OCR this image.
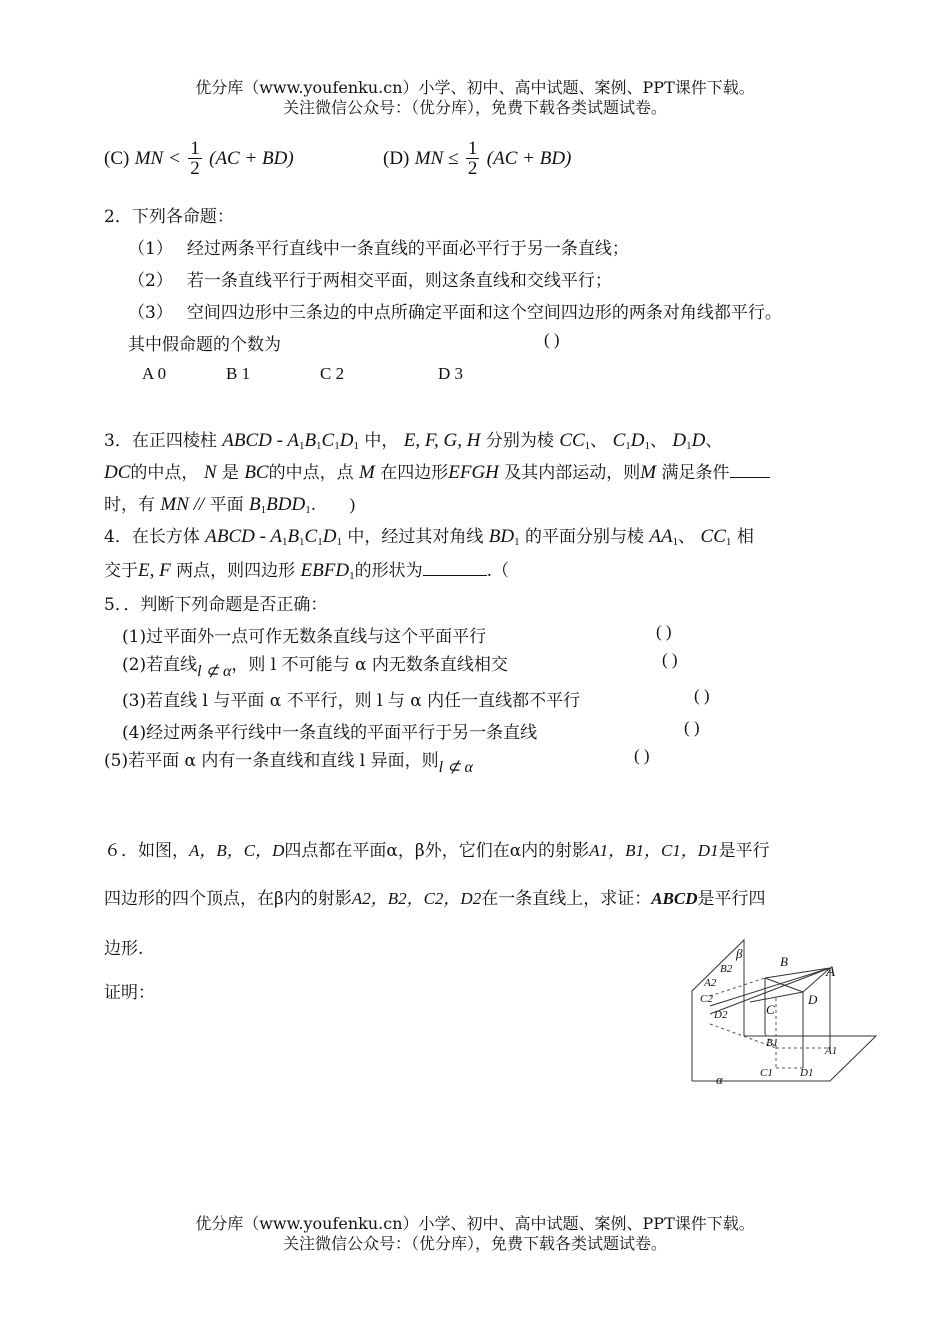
优分库（www.youfenku.cn）小学、初中、高中试题、案例、PPT课件下载。
关注微信公众号：（优分库），免费下载各类试题试卷。
(C) MN < $\frac{1}{2} (AC + BD)$	(D) MN ≤ $\frac{1}{2} (AC + BD)$
2．下列各命题：
（1） 经过两条平行直线中一条直线的平面必平行于另一条直线；
（2） 若一条直线平行于两相交平面，则这条直线和交线平行；
（3） 空间四边形中三条边的中点所确定平面和这个空间四边形的两条对角线都平行。
其中假命题的个数为	( )
A 0	B 1	C 2	D 3
3．在正四棱柱 ABCD - $A_1B_1C_1D_1$ 中， E, F, G, H 分别为棱 $CC_1$、 $C_1D_1$、 $D_1D$、
DC的中点， N 是 BC的中点，点 M 在四边形EFGH 及其内部运动，则M 满足条件
时，有 MN // 平面 $B_1BDD_1$. )
4．在长方体 ABCD - $A_1B_1C_1D_1$ 中，经过其对角线 $BD_1$ 的平面分别与棱 $AA_1$、 $CC_1$ 相
交于E, F 两点，则四边形 $EBFD_1$的形状为	.（
5．．判断下列命题是否正确：
(1)过平面外一点可作无数条直线与这个平面平行	( )
(2)若直线l ⊄ α，则 l 不可能与 α 内无数条直线相交	( )
(3)若直线 l 与平面 α 不平行，则 l 与 α 内任一直线都不平行	( )
(4)经过两条平行线中一条直线的平面平行于另一条直线	( )
(5)若平面 α 内有一条直线和直线 l 异面，则l ⊄ α
( )
６．如图，A，B，C，D四点都在平面α，β外，它们在α内的射影A1，B1，C1，D1是平行
四边形的四个顶点，在β内的射影A2，B2，C2，D2在一条直线上，求证：ABCD是平行四
边形.
证明：
β
α
B
A
C
D
B1
A1
C1 D1
B2
A2
C2
D2
优分库（www.youfenku.cn）小学、初中、高中试题、案例、PPT课件下载。
关注微信公众号：（优分库），免费下载各类试题试卷。
